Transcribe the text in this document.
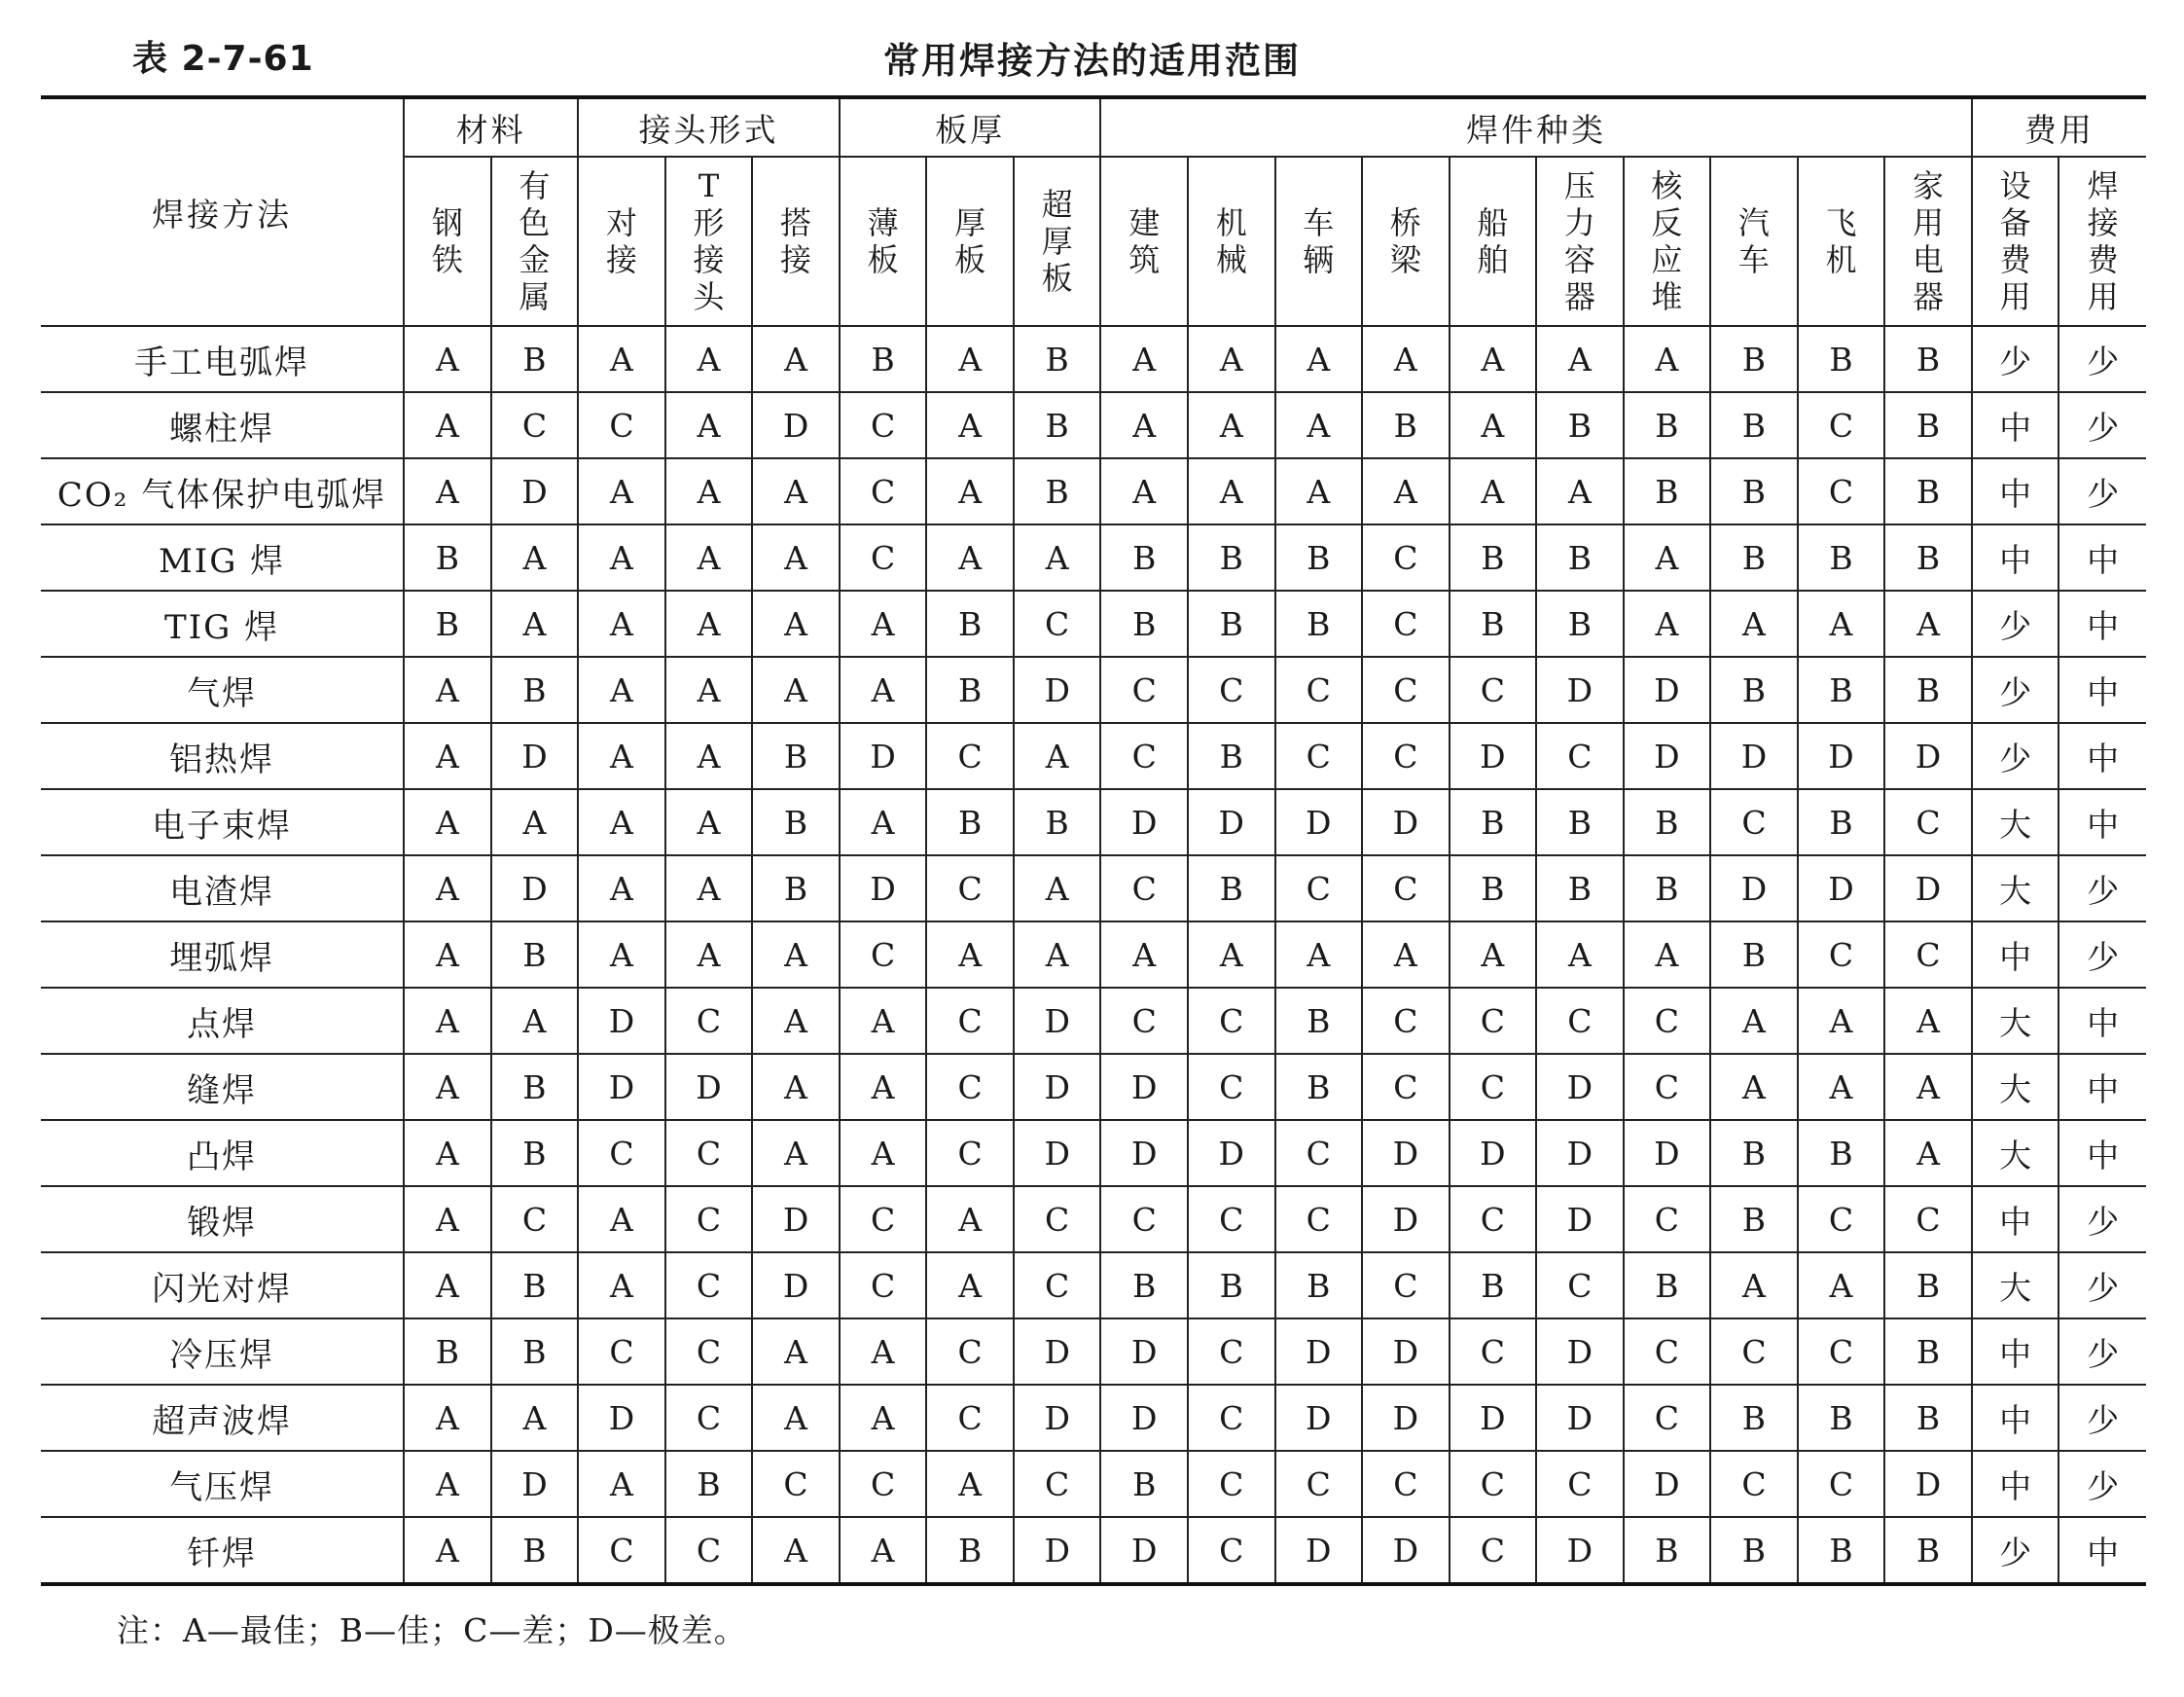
表 2-7-61	常用焊接方法的适用范围
焊接方法	材料		接头形式			板厚			焊件种类										费用	
	钢铁	有色金属	对接	T形接头	搭接	薄板	厚板	超厚板	建筑	机械	车辆	桥梁	船舶	压力容器	核反应堆	汽车	飞机	家用电器	设备费用	焊接费用
手工电弧焊	A	B	A	A	A	B	A	B	A	A	A	A	A	A	A	B	B	B	少	少
螺柱焊	A	C	C	A	D	C	A	B	A	A	A	B	A	B	B	B	C	B	中	少
CO₂ 气体保护电弧焊	A	D	A	A	A	C	A	B	A	A	A	A	A	A	B	B	C	B	中	少
MIG 焊	B	A	A	A	A	C	A	A	B	B	B	C	B	B	A	B	B	B	中	中
TIG 焊	B	A	A	A	A	A	B	C	B	B	B	C	B	B	A	A	A	A	少	中
气焊	A	B	A	A	A	A	B	D	C	C	C	C	C	D	D	B	B	B	少	中
铝热焊	A	D	A	A	B	D	C	A	C	B	C	C	D	C	D	D	D	D	少	中
电子束焊	A	A	A	A	B	A	B	B	D	D	D	D	B	B	B	C	B	C	大	中
电渣焊	A	D	A	A	B	D	C	A	C	B	C	C	B	B	B	D	D	D	大	少
埋弧焊	A	B	A	A	A	C	A	A	A	A	A	A	A	A	A	B	C	C	中	少
点焊	A	A	D	C	A	A	C	D	C	C	B	C	C	C	C	A	A	A	大	中
缝焊	A	B	D	D	A	A	C	D	D	C	B	C	C	D	C	A	A	A	大	中
凸焊	A	B	C	C	A	A	C	D	D	D	C	D	D	D	D	B	B	A	大	中
锻焊	A	C	A	C	D	C	A	C	C	C	C	D	C	D	C	B	C	C	中	少
闪光对焊	A	B	A	C	D	C	A	C	B	B	B	C	B	C	B	A	A	B	大	少
冷压焊	B	B	C	C	A	A	C	D	D	C	D	D	C	D	C	C	C	B	中	少
超声波焊	A	A	D	C	A	A	C	D	D	C	D	D	D	D	C	B	B	B	中	少
气压焊	A	D	A	B	C	C	A	C	B	C	C	C	C	C	D	C	C	D	中	少
钎焊	A	B	C	C	A	A	B	D	D	C	D	D	C	D	B	B	B	B	少	中
注：A—最佳；B—佳；C—差；D—极差。
